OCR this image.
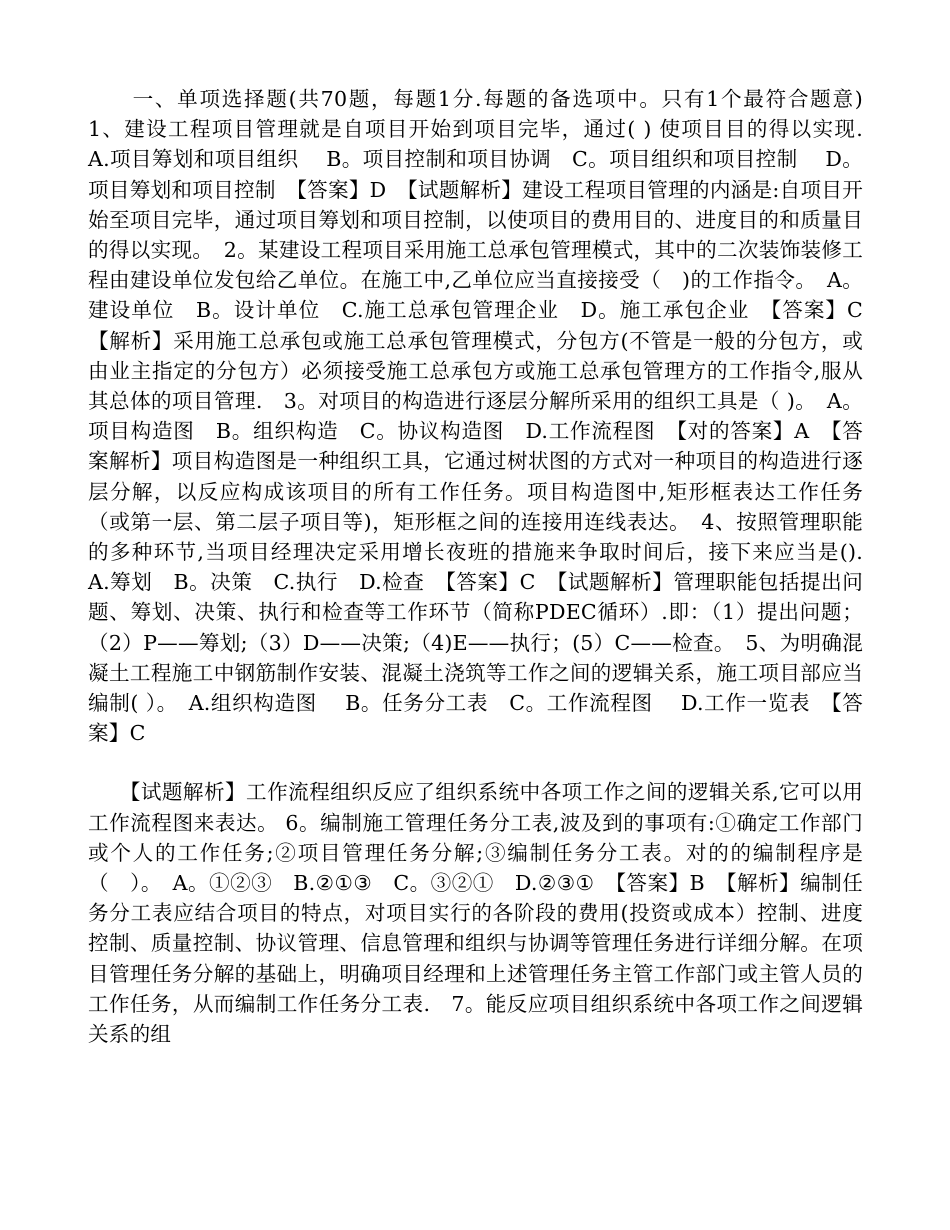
　　一、单项选择题(共70题，每题1分.每题的备选项中。只有1个最符合题意)　1、建设工程项目管理就是自项目开始到项目完毕，通过( ) 使项目目的得以实现.　A.项目筹划和项目组织　 B。项目控制和项目协调　C。项目组织和项目控制　 D。项目筹划和项目控制　【答案】D　【试题解析】建设工程项目管理的内涵是:自项目开始至项目完毕，通过项目筹划和项目控制，以使项目的费用目的、进度目的和质量目的得以实现。　2。某建设工程项目采用施工总承包管理模式，其中的二次装饰装修工程由建设单位发包给乙单位。在施工中,乙单位应当直接接受（　)的工作指令。　A。建设单位　B。设计单位　C.施工总承包管理企业　D。施工承包企业　【答案】C　【解析】采用施工总承包或施工总承包管理模式，分包方(不管是一般的分包方，或由业主指定的分包方）必须接受施工总承包方或施工总承包管理方的工作指令,服从其总体的项目管理.　3。对项目的构造进行逐层分解所采用的组织工具是（ )。　A。项目构造图　B。组织构造　C。协议构造图　D.工作流程图　【对的答案】A　【答案解析】项目构造图是一种组织工具，它通过树状图的方式对一种项目的构造进行逐层分解，以反应构成该项目的所有工作任务。项目构造图中,矩形框表达工作任务（或第一层、第二层子项目等)，矩形框之间的连接用连线表达。　4、按照管理职能的多种环节,当项目经理决定采用增长夜班的措施来争取时间后，接下来应当是().　A.筹划　B。决策　C.执行　D.检查　【答案】C　【试题解析】管理职能包括提出问题、筹划、决策、执行和检查等工作环节（简称PDEC循环）.即：（1）提出问题；（2）P——筹划;（3）D——决策;（4)E——执行；(5）C——检查。　5、为明确混凝土工程施工中钢筋制作安装、混凝土浇筑等工作之间的逻辑关系，施工项目部应当编制( ）。　A.组织构造图　 B。任务分工表　C。工作流程图　 D.工作一览表　【答案】C

　　【试题解析】工作流程组织反应了组织系统中各项工作之间的逻辑关系,它可以用工作流程图来表达。 6。编制施工管理任务分工表,波及到的事项有:①确定工作部门或个人的工作任务;②项目管理任务分解;③编制任务分工表。对的的编制程序是（　）。　A。①②③　B.②①③　C。③②①　D.②③①　【答案】B　【解析】编制任务分工表应结合项目的特点，对项目实行的各阶段的费用(投资或成本）控制、进度控制、质量控制、协议管理、信息管理和组织与协调等管理任务进行详细分解。在项目管理任务分解的基础上，明确项目经理和上述管理任务主管工作部门或主管人员的工作任务，从而编制工作任务分工表.　7。能反应项目组织系统中各项工作之间逻辑关系的组
